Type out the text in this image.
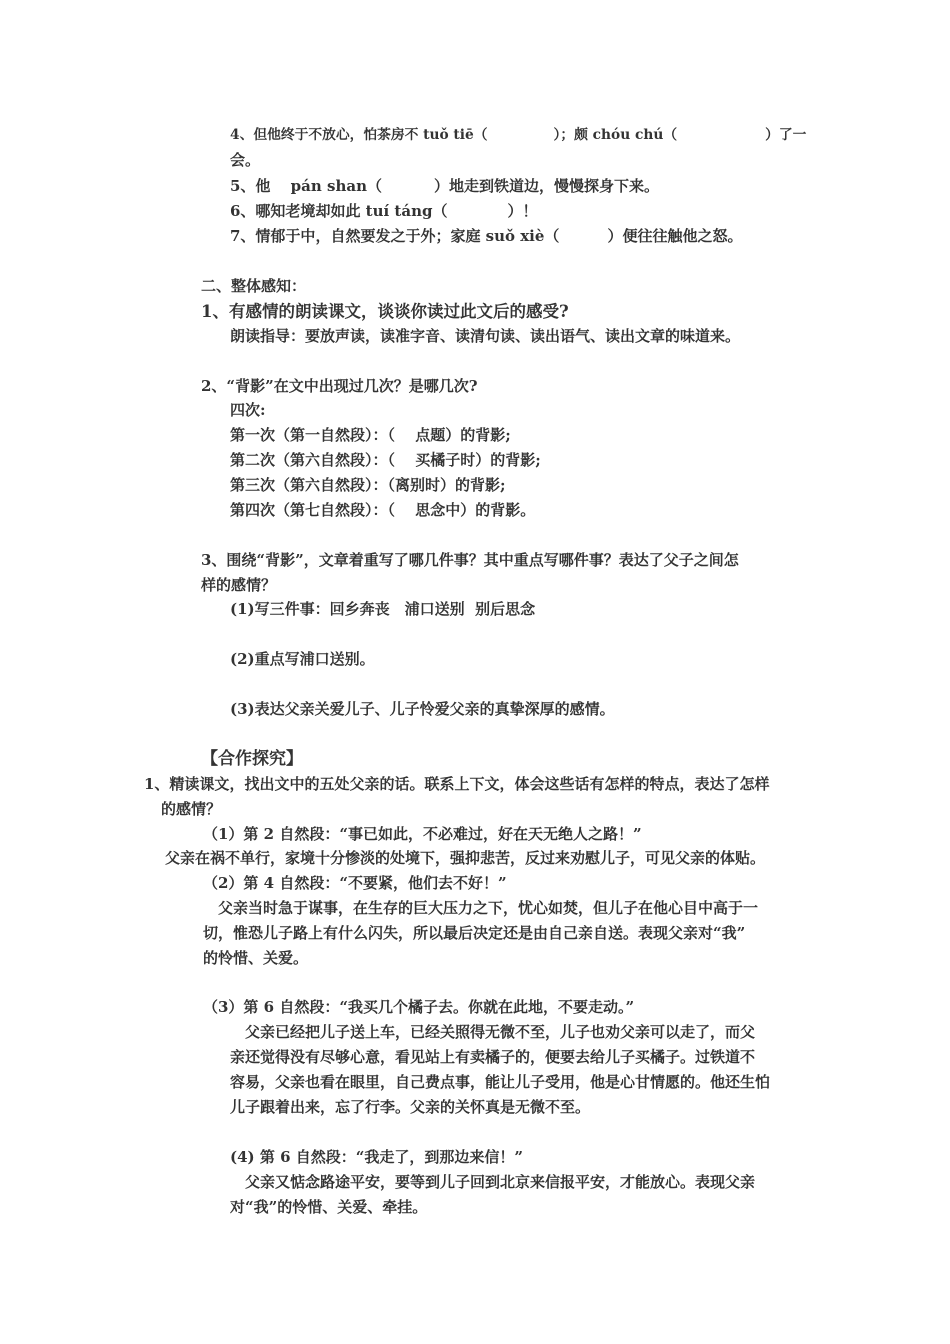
4、但他终于不放心，怕茶房不 tuǒ tiē（	）；颇 chóu chú（	）了一
会。
5、他　 pán shan（	）地走到铁道边，慢慢探身下来。
6、哪知老境却如此 tuí táng（	）！
7、情郁于中，自然要发之于外；家庭 suǒ xiè（	）便往往触他之怒。
二、整体感知：
1、有感情的朗读课文，谈谈你读过此文后的感受?
朗读指导：要放声读，读准字音、读清句读、读出语气、读出文章的味道来。
2、“背影”在文中出现过几次？是哪几次?
四次:
第一次（第一自然段）：（　 点题）的背影;
第二次（第六自然段）：（　 买橘子时）的背影;
第三次（第六自然段）：（离别时）的背影;
第四次（第七自然段）：（　 思念中）的背影。
3、围绕“背影”，文章着重写了哪几件事？其中重点写哪件事？表达了父子之间怎
样的感情？
(1)写三件事：回乡奔丧　浦口送别  别后思念
(2)重点写浦口送别。
(3)表达父亲关爱儿子、儿子怜爱父亲的真挚深厚的感情。
【合作探究】
1、精读课文，找出文中的五处父亲的话。联系上下文，体会这些话有怎样的特点，表达了怎样
的感情？
（1）第 2 自然段：“事已如此，不必难过，好在天无绝人之路！”
父亲在祸不单行，家境十分惨淡的处境下，强抑悲苦，反过来劝慰儿子，可见父亲的体贴。
（2）第 4 自然段：“不要紧，他们去不好！”
　父亲当时急于谋事，在生存的巨大压力之下，忧心如焚，但儿子在他心目中高于一
切，惟恐儿子路上有什么闪失，所以最后决定还是由自己亲自送。表现父亲对“我”
的怜惜、关爱。
（3）第 6 自然段：“我买几个橘子去。你就在此地，不要走动。”
　父亲已经把儿子送上车，已经关照得无微不至，儿子也劝父亲可以走了，而父
亲还觉得没有尽够心意，看见站上有卖橘子的，便要去给儿子买橘子。过铁道不
容易，父亲也看在眼里，自己费点事，能让儿子受用，他是心甘情愿的。他还生怕
儿子跟着出来，忘了行李。父亲的关怀真是无微不至。
(4) 第 6 自然段：“我走了，到那边来信！”
　父亲又惦念路途平安，要等到儿子回到北京来信报平安，才能放心。表现父亲
对“我”的怜惜、关爱、牵挂。
